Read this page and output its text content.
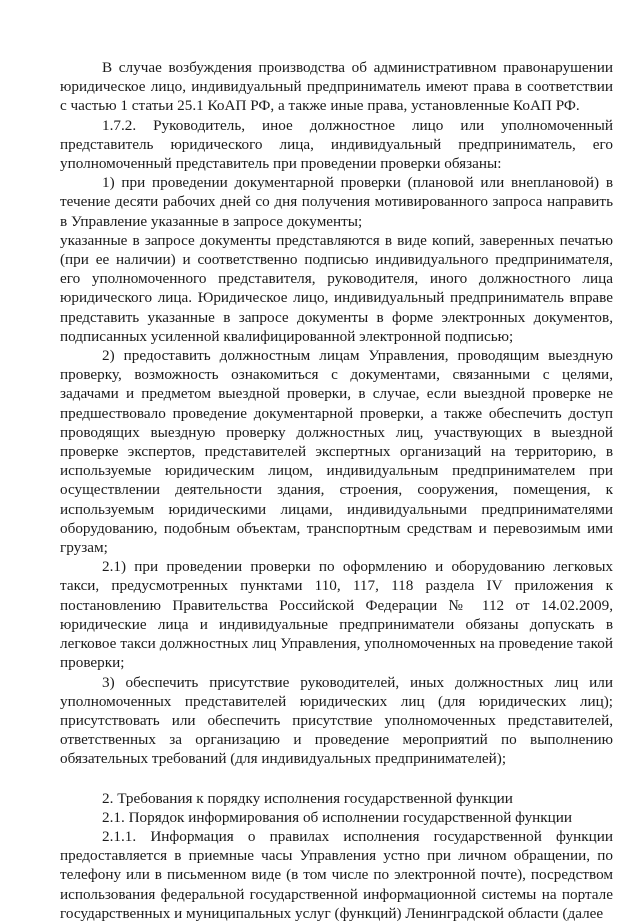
В случае возбуждения производства об административном правонарушении юридическое лицо, индивидуальный предприниматель имеют права в соответствии с частью 1 статьи 25.1 КоАП РФ, а также иные права, установленные КоАП РФ.

1.7.2. Руководитель, иное должностное лицо или уполномоченный представитель юридического лица, индивидуальный предприниматель, его уполномоченный представитель при проведении проверки обязаны:

1) при проведении документарной проверки (плановой или внеплановой) в течение десяти рабочих дней со дня получения мотивированного запроса направить в Управление указанные в запросе документы;

указанные в запросе документы представляются в виде копий, заверенных печатью (при ее наличии) и соответственно подписью индивидуального предпринимателя, его уполномоченного представителя, руководителя, иного должностного лица юридического лица. Юридическое лицо, индивидуальный предприниматель вправе представить указанные в запросе документы в форме электронных документов, подписанных усиленной квалифицированной электронной подписью;

2) предоставить должностным лицам Управления, проводящим выездную проверку, возможность ознакомиться с документами, связанными с целями, задачами и предметом выездной проверки, в случае, если выездной проверке не предшествовало проведение документарной проверки, а также обеспечить доступ проводящих выездную проверку должностных лиц, участвующих в выездной проверке экспертов, представителей экспертных организаций на территорию, в используемые юридическим лицом, индивидуальным предпринимателем при осуществлении деятельности здания, строения, сооружения, помещения, к используемым юридическими лицами, индивидуальными предпринимателями оборудованию, подобным объектам, транспортным средствам и перевозимым ими грузам;

2.1) при проведении проверки по оформлению и оборудованию легковых такси, предусмотренных пунктами 110, 117, 118 раздела IV приложения к постановлению Правительства Российской Федерации № 112 от 14.02.2009, юридические лица и индивидуальные предприниматели обязаны допускать в легковое такси должностных лиц Управления, уполномоченных на проведение такой проверки;

3) обеспечить присутствие руководителей, иных должностных лиц или уполномоченных представителей юридических лиц (для юридических лиц); присутствовать или обеспечить присутствие уполномоченных представителей, ответственных за организацию и проведение мероприятий по выполнению обязательных требований (для индивидуальных предпринимателей);

2. Требования к порядку исполнения государственной функции

2.1. Порядок информирования об исполнении государственной функции

2.1.1. Информация о правилах исполнения государственной функции предоставляется в приемные часы Управления устно при личном обращении, по телефону или в письменном виде (в том числе по электронной почте), посредством использования федеральной государственной информационной системы на портале государственных и муниципальных услуг (функций) Ленинградской области (далее
